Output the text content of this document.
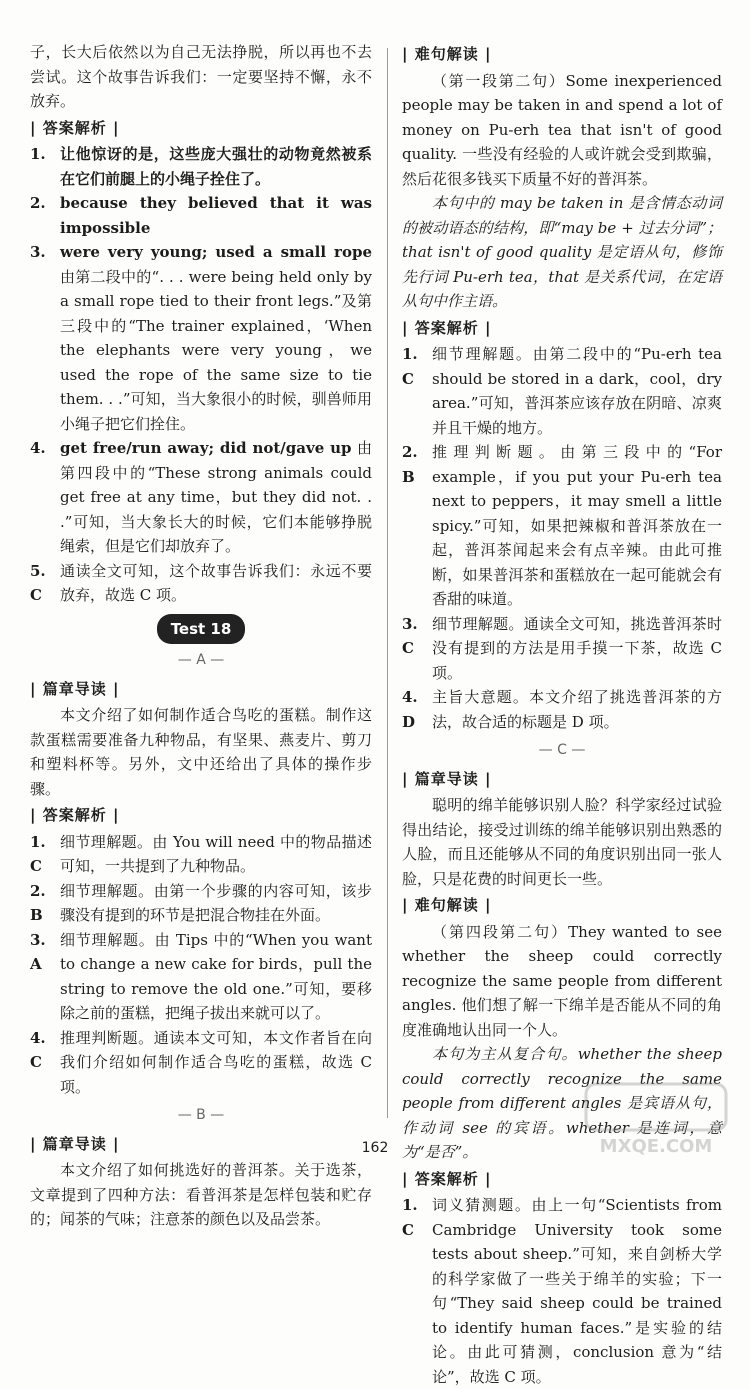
子，长大后依然以为自己无法挣脱，所以再也不去尝试。这个故事告诉我们：一定要坚持不懈，永不放弃。

| 答案解析 |
1. 让他惊讶的是，这些庞大强壮的动物竟然被系在它们前腿上的小绳子拴住了。
2. because they believed that it was impossible
3. were very young; used a small rope 由第二段中的“. . . were being held only by a small rope tied to their front legs.”及第三段中的“The trainer explained，‘When the elephants were very young，we used the rope of the same size to tie them. . .”可知，当大象很小的时候，驯兽师用小绳子把它们拴住。
4. get free/run away; did not/gave up 由第四段中的“These strong animals could get free at any time，but they did not. . .”可知，当大象长大的时候，它们本能够挣脱绳索，但是它们却放弃了。
5. C
通读全文可知，这个故事告诉我们：永远不要放弃，故选 C 项。
Test 18
— A —
| 篇章导读 |

本文介绍了如何制作适合鸟吃的蛋糕。制作这款蛋糕需要准备九种物品，有坚果、燕麦片、剪刀和塑料杯等。另外，文中还给出了具体的操作步骤。

| 答案解析 |
1. C
细节理解题。由 You will need 中的物品描述可知，一共提到了九种物品。
2. B
细节理解题。由第一个步骤的内容可知，该步骤没有提到的环节是把混合物挂在外面。
3. A
细节理解题。由 Tips 中的“When you want to change a new cake for birds，pull the string to remove the old one.”可知，要移除之前的蛋糕，把绳子拔出来就可以了。
4. C
推理判断题。通读本文可知，本文作者旨在向我们介绍如何制作适合鸟吃的蛋糕，故选 C 项。
— B —
| 篇章导读 |

本文介绍了如何挑选好的普洱茶。关于选茶，文章提到了四种方法：看普洱茶是怎样包装和贮存的；闻茶的气味；注意茶的颜色以及品尝茶。

| 难句解读 |

（第一段第二句）Some inexperienced people may be taken in and spend a lot of money on Pu-erh tea that isn't of good quality. 一些没有经验的人或许就会受到欺骗，然后花很多钱买下质量不好的普洱茶。

本句中的 may be taken in 是含情态动词的被动语态的结构，即“may be + 过去分词”；that isn't of good quality 是定语从句，修饰先行词 Pu-erh tea，that 是关系代词，在定语从句中作主语。

| 答案解析 |
1. C
细节理解题。由第二段中的“Pu-erh tea should be stored in a dark，cool，dry area.”可知，普洱茶应该存放在阴暗、凉爽并且干燥的地方。
2. B
推理判断题。由第三段中的“For example，if you put your Pu-erh tea next to peppers，it may smell a little spicy.”可知，如果把辣椒和普洱茶放在一起，普洱茶闻起来会有点辛辣。由此可推断，如果普洱茶和蛋糕放在一起可能就会有香甜的味道。
3. C
细节理解题。通读全文可知，挑选普洱茶时没有提到的方法是用手摸一下茶，故选 C 项。
4. D
主旨大意题。本文介绍了挑选普洱茶的方法，故合适的标题是 D 项。
— C —
| 篇章导读 |

聪明的绵羊能够识别人脸？科学家经过试验得出结论，接受过训练的绵羊能够识别出熟悉的人脸，而且还能够从不同的角度识别出同一张人脸，只是花费的时间更长一些。

| 难句解读 |

（第四段第二句）They wanted to see whether the sheep could correctly recognize the same people from different angles. 他们想了解一下绵羊是否能从不同的角度准确地认出同一个人。

本句为主从复合句。whether the sheep could correctly recognize the same people from different angles 是宾语从句，作动词 see 的宾语。whether 是连词，意为“是否”。

| 答案解析 |
1. C
词义猜测题。由上一句“Scientists from Cambridge University took some tests about sheep.”可知，来自剑桥大学的科学家做了一些关于绵羊的实验；下一句“They said sheep could be trained to identify human faces.”是实验的结论。由此可猜测，conclusion 意为“结论”，故选 C 项。
162	MXQE.COM
